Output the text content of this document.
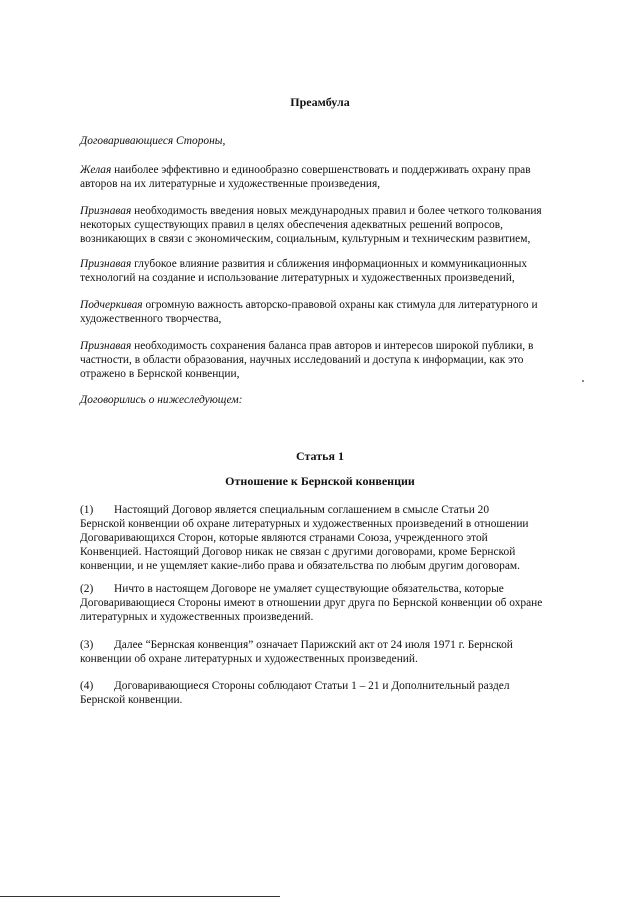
Преамбула
Договаривающиеся Стороны,
Желая наиболее эффективно и единообразно совершенствовать и поддерживать охрану прав
авторов на их литературные и художественные произведения,
Признавая необходимость введения новых международных правил и более четкого толкования
некоторых существующих правил в целях обеспечения адекватных решений вопросов,
возникающих в связи с экономическим, социальным, культурным и техническим развитием,
Признавая глубокое влияние развития и сближения информационных и коммуникационных
технологий на создание и использование литературных и художественных произведений,
Подчеркивая огромную важность авторско-правовой охраны как стимула для литературного и
художественного творчества,
Признавая необходимость сохранения баланса прав авторов и интересов широкой публики, в
частности, в области образования, научных исследований и доступа к информации, как это
отражено в Бернской конвенции,
Договорились о нижеследующем:
Статья 1
Отношение к Бернской конвенции
(1) Настоящий Договор является специальным соглашением в смысле Статьи 20
Бернской конвенции об охране литературных и художественных произведений в отношении
Договаривающихся Сторон, которые являются странами Союза, учрежденного этой
Конвенцией. Настоящий Договор никак не связан с другими договорами, кроме Бернской
конвенции, и не ущемляет какие-либо права и обязательства по любым другим договорам.
(2) Ничто в настоящем Договоре не умаляет существующие обязательства, которые
Договаривающиеся Стороны имеют в отношении друг друга по Бернской конвенции об охране
литературных и художественных произведений.
(3) Далее “Бернская конвенция” означает Парижский акт от 24 июля 1971 г. Бернской
конвенции об охране литературных и художественных произведений.
(4) Договаривающиеся Стороны соблюдают Статьи 1 – 21 и Дополнительный раздел
Бернской конвенции.
